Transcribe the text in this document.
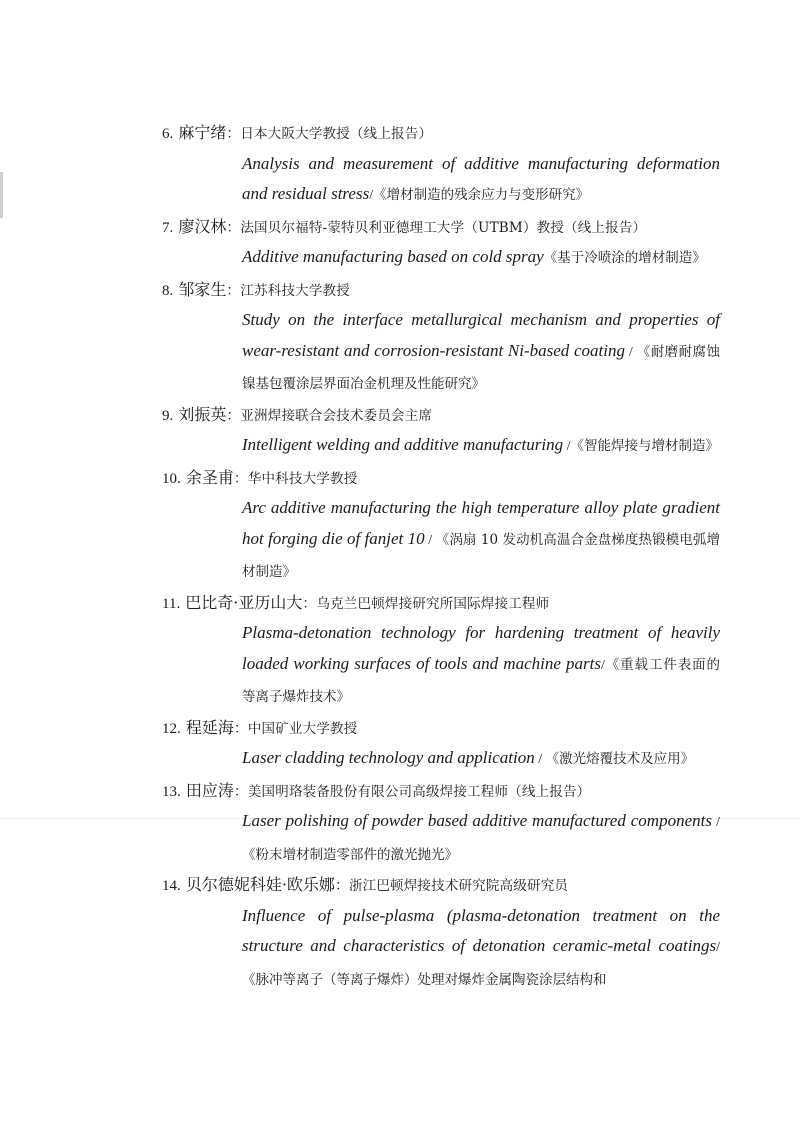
6. 麻宁绪：日本大阪大学教授（线上报告）
Analysis and measurement of additive manufacturing deformation and residual stress/《增材制造的残余应力与变形研究》
7. 廖汉林：法国贝尔福特-蒙特贝利亚德理工大学（UTBM）教授（线上报告）
Additive manufacturing based on cold spray《基于冷喷涂的增材制造》
8. 邹家生：江苏科技大学教授
Study on the interface metallurgical mechanism and properties of wear-resistant and corrosion-resistant Ni-based coating / 《耐磨耐腐蚀镍基包覆涂层界面冶金机理及性能研究》
9. 刘振英：亚洲焊接联合会技术委员会主席
Intelligent welding and additive manufacturing /《智能焊接与增材制造》
10. 余圣甫：华中科技大学教授
Arc additive manufacturing the high temperature alloy plate gradient hot forging die of fanjet 10 / 《涡扇 10 发动机高温合金盘梯度热锻模电弧增材制造》
11. 巴比奇·亚历山大：乌克兰巴顿焊接研究所国际焊接工程师
Plasma-detonation technology for hardening treatment of heavily loaded working surfaces of tools and machine parts/《重载工件表面的等离子爆炸技术》
12. 程延海：中国矿业大学教授
Laser cladding technology and application / 《激光熔覆技术及应用》
13. 田应涛：美国明珞装备股份有限公司高级焊接工程师（线上报告）
Laser polishing of powder based additive manufactured components / 《粉末增材制造零部件的激光抛光》
14. 贝尔德妮科娃·欧乐娜：浙江巴顿焊接技术研究院高级研究员
Influence of pulse-plasma (plasma-detonation treatment on the structure and characteristics of detonation ceramic-metal coatings/《脉冲等离子（等离子爆炸）处理对爆炸金属陶瓷涂层结构和
